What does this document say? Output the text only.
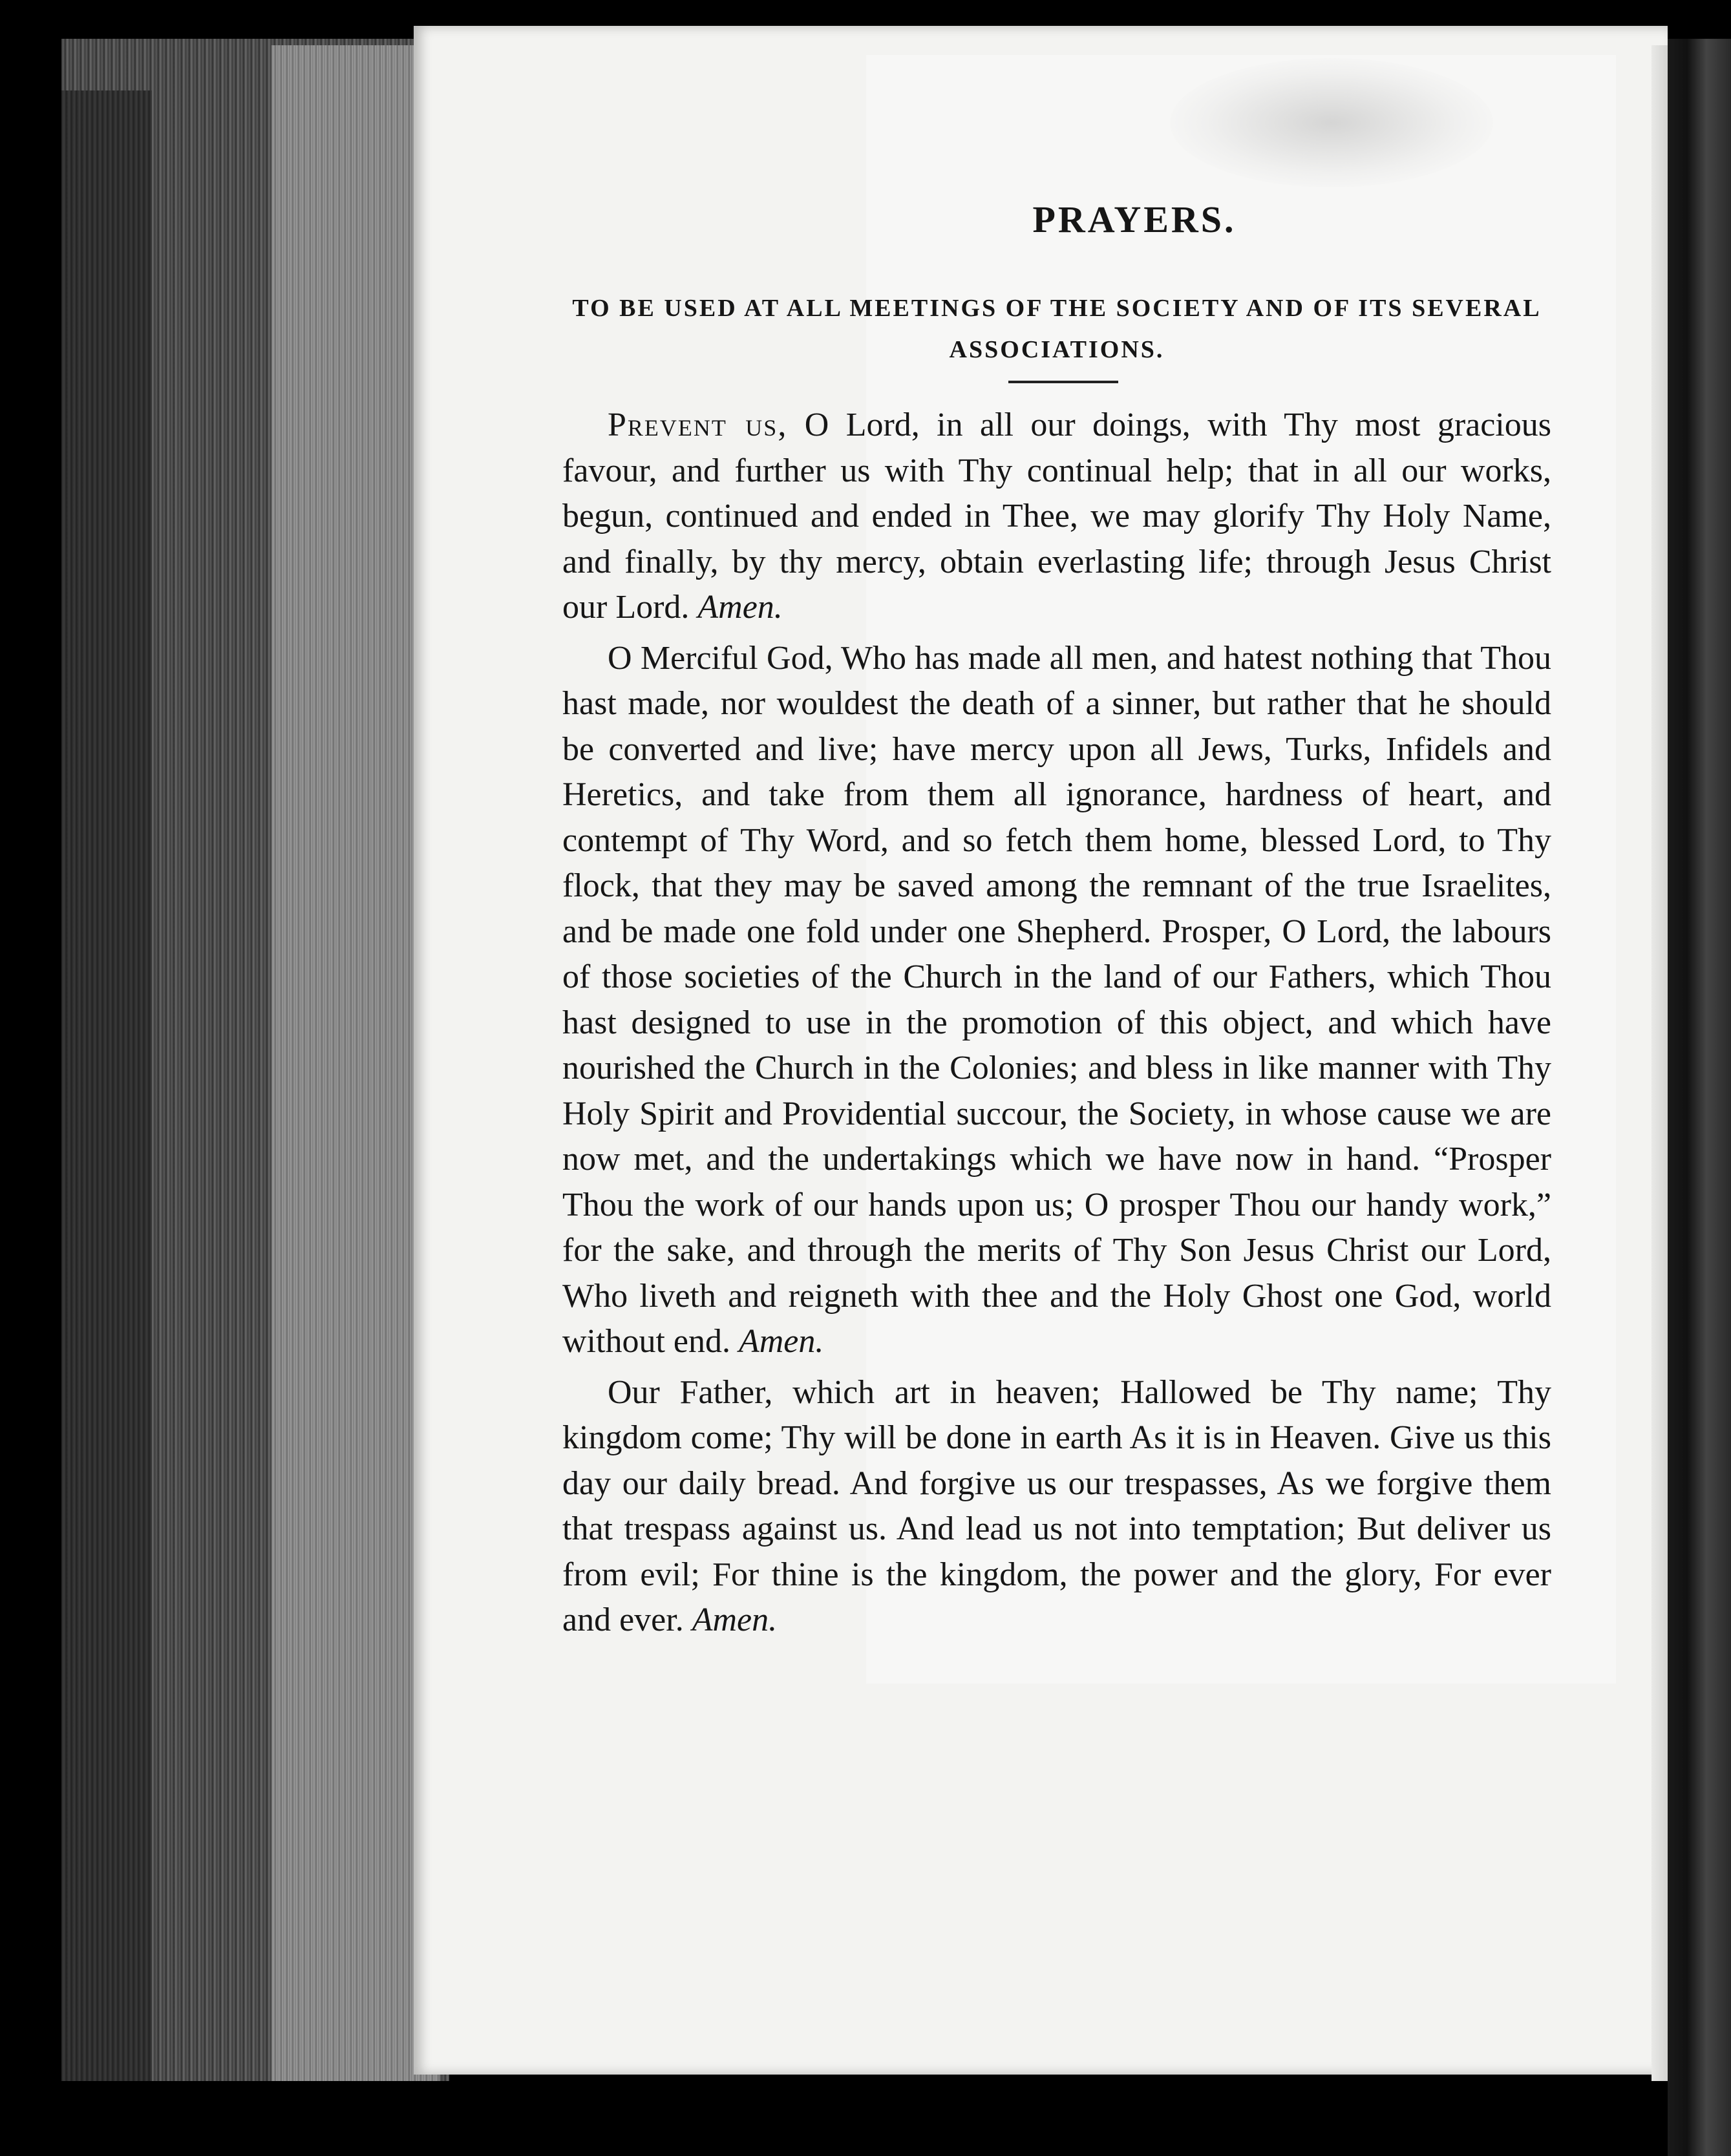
PRAYERS.
TO BE USED AT ALL MEETINGS OF THE SOCIETY AND OF ITS SEVERAL ASSOCIATIONS.

Prevent us, O Lord, in all our doings, with Thy most gracious favour, and further us with Thy continual help; that in all our works, begun, continued and ended in Thee, we may glorify Thy Holy Name, and finally, by thy mercy, obtain everlasting life; through Jesus Christ our Lord. Amen.

O Merciful God, Who has made all men, and hatest nothing that Thou hast made, nor wouldest the death of a sinner, but rather that he should be converted and live; have mercy upon all Jews, Turks, Infidels and Heretics, and take from them all ignorance, hardness of heart, and contempt of Thy Word, and so fetch them home, blessed Lord, to Thy flock, that they may be saved among the remnant of the true Israelites, and be made one fold under one Shepherd. Prosper, O Lord, the labours of those societies of the Church in the land of our Fathers, which Thou hast designed to use in the promotion of this object, and which have nourished the Church in the Colonies; and bless in like manner with Thy Holy Spirit and Providential succour, the Society, in whose cause we are now met, and the undertakings which we have now in hand. “Prosper Thou the work of our hands upon us; O prosper Thou our handy work,” for the sake, and through the merits of Thy Son Jesus Christ our Lord, Who liveth and reigneth with thee and the Holy Ghost one God, world without end. Amen.

Our Father, which art in heaven; Hallowed be Thy name; Thy kingdom come; Thy will be done in earth As it is in Heaven. Give us this day our daily bread. And forgive us our trespasses, As we forgive them that trespass against us. And lead us not into temptation; But deliver us from evil; For thine is the kingdom, the power and the glory, For ever and ever. Amen.
